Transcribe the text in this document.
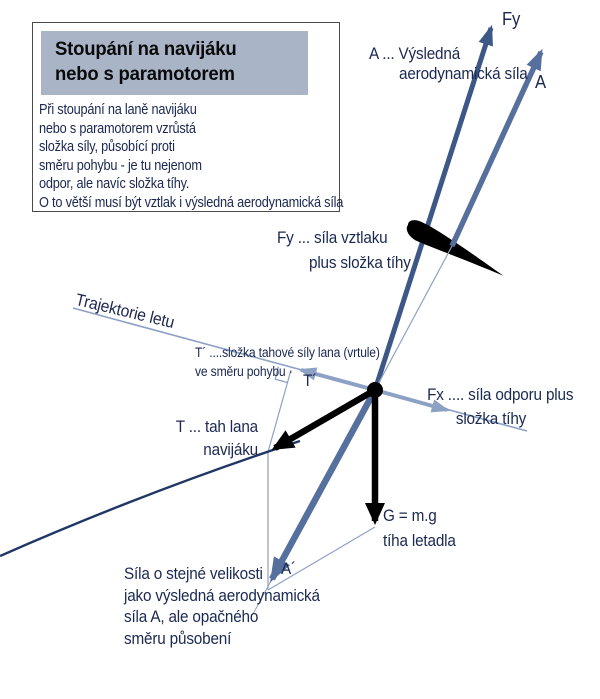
Stoupání na navijáku
nebo s paramotorem
Při stoupání na laně navijáku
nebo s paramotorem vzrůstá
složka síly, působící proti
směru pohybu - je tu nejenom
odpor, ale navíc složka tíhy.
O to větší musí být vztlak i výsledná aerodynamická síla
Fy
A
A ... Výsledná
aerodynamická síla
Fy ... síla vztlaku
plus složka tíhy
Trajektorie letu
T´ ....složka tahové síly lana (vrtule)
ve směru pohybu · T´
T ... tah lana
navijáku
Fx .... síla odporu plus
složka tíhy
G = m.g
tíha letadla
A´
Síla o stejné velikosti
jako výsledná aerodynamická
síla A, ale opačného
směru působení
